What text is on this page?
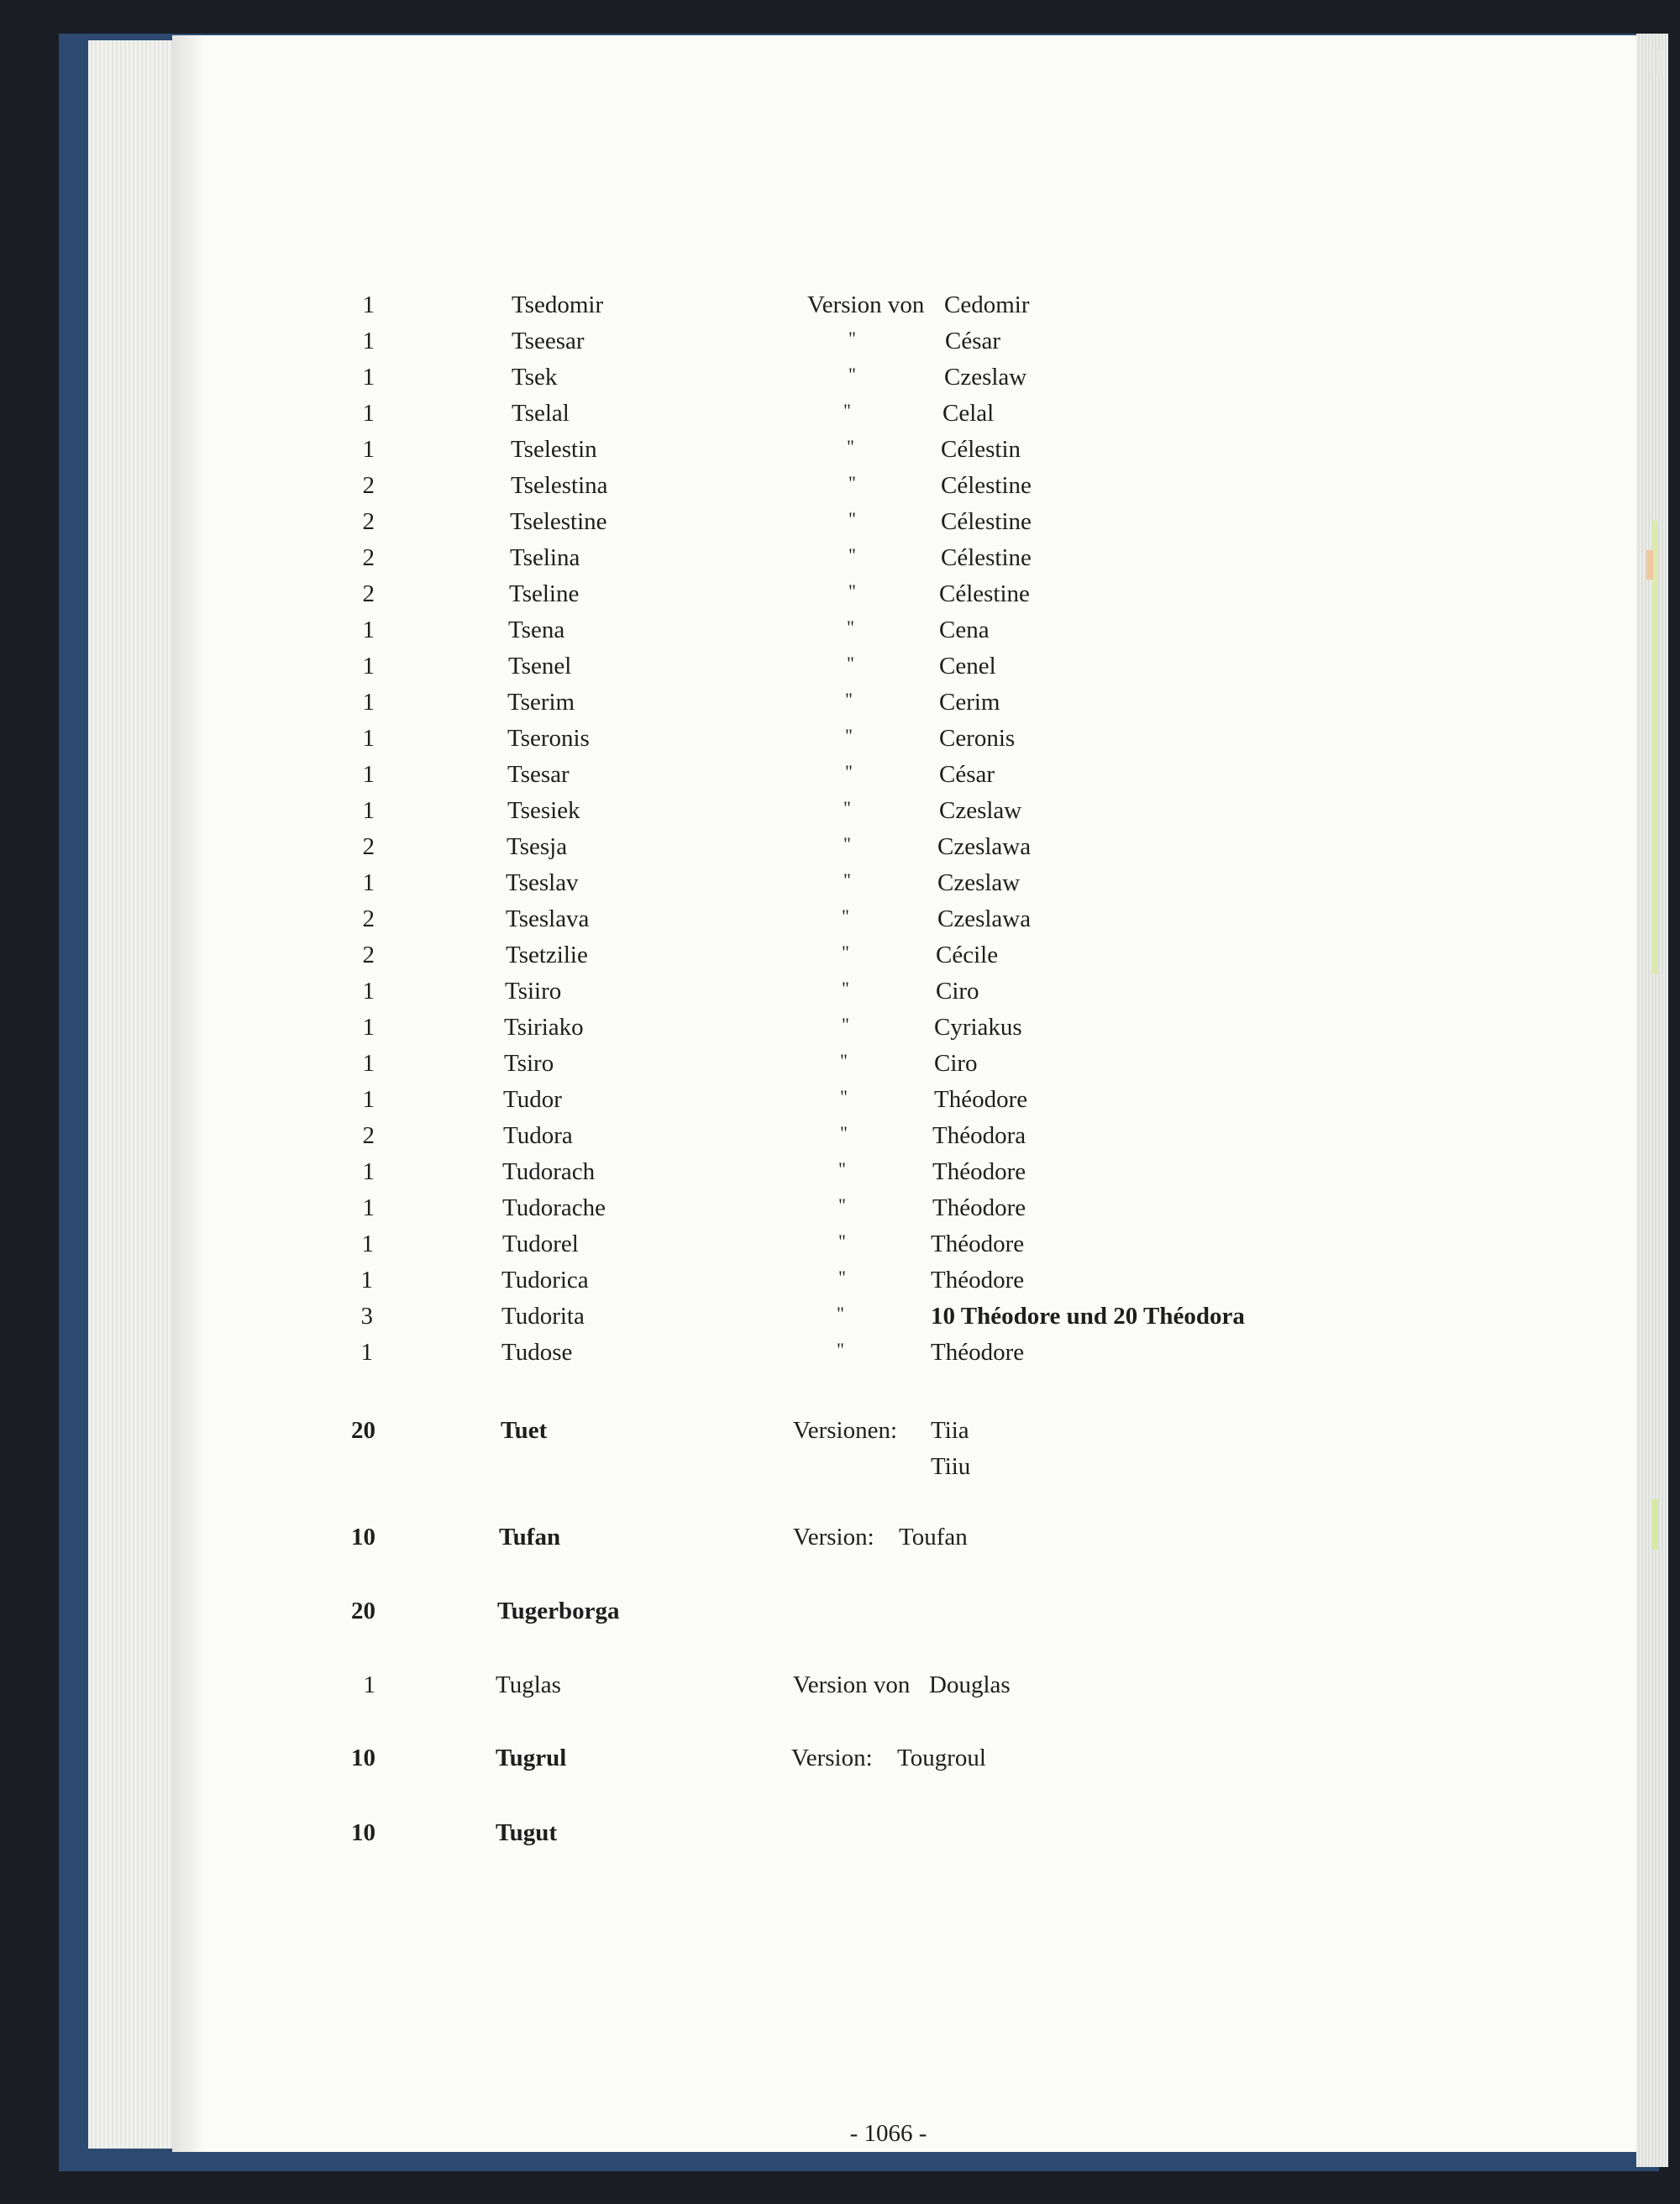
1	Tsedomir	Version von Cedomir
1	Tseesar	"	César
1	Tsek	"	Czeslaw
1	Tselal	"	Celal
1	Tselestin	"	Célestin
2	Tselestina	"	Célestine
2	Tselestine	"	Célestine
2	Tselina	"	Célestine
2	Tseline	"	Célestine
1	Tsena	"	Cena
1	Tsenel	"	Cenel
1	Tserim	"	Cerim
1	Tseronis	"	Ceronis
1	Tsesar	"	César
1	Tsesiek	"	Czeslaw
2	Tsesja	"	Czeslawa
1	Tseslav	"	Czeslaw
2	Tseslava	"	Czeslawa
2	Tsetzilie	"	Cécile
1	Tsiiro	"	Ciro
1	Tsiriako	"	Cyriakus
1	Tsiro	"	Ciro
1	Tudor	"	Théodore
2	Tudora	"	Théodora
1	Tudorach	"	Théodore
1	Tudorache	"	Théodore
1	Tudorel	"	Théodore
1	Tudorica	"	Théodore
3	Tudorita	"	10 Théodore und 20 Théodora
1	Tudose	"	Théodore
20	Tuet	Versionen: Tiia
Tiiu
10	Tufan	Version: Toufan
20	Tugerborga
1	Tuglas	Version von Douglas
10	Tugrul	Version: Tougroul
10	Tugut
- 1066 -
